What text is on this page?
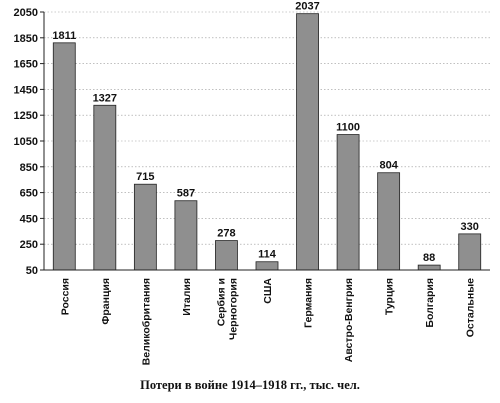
50
250
450
650
850
1050
1250
1450
1650
1850
2050
1811
1327
715
587
278
114
2037
1100
804
88
330
Россия	Франция	Великобритания	Италия Сербия и Черногория США	Германия	Австро-Венгрия	Турция	Болгария	Остальные
Потери в войне 1914–1918 гг., тыс. чел.
